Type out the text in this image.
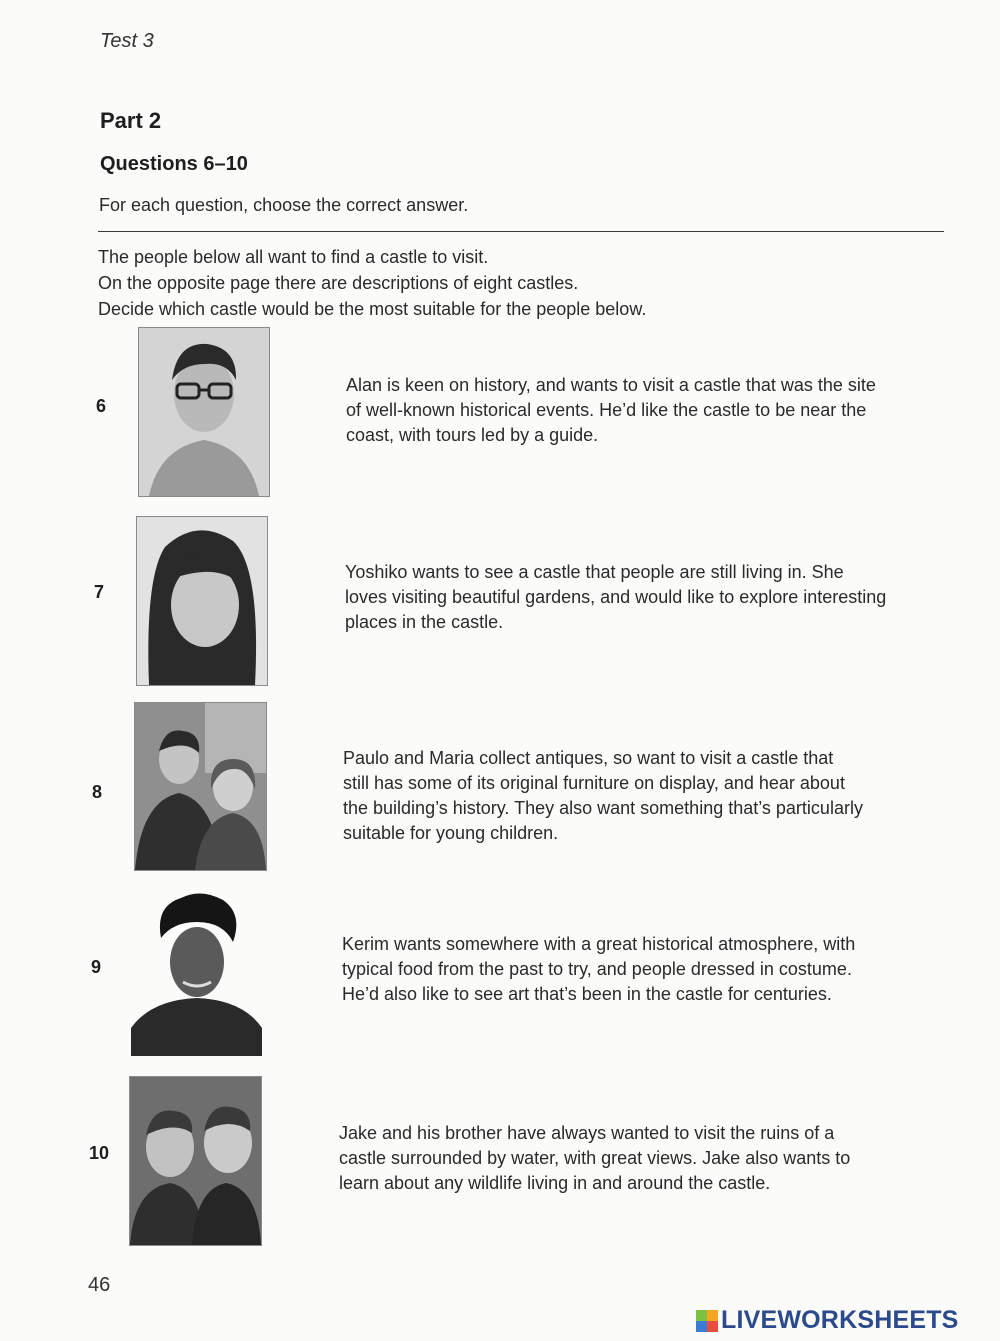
Test 3
Part 2
Questions 6–10
For each question, choose the correct answer.
The people below all want to find a castle to visit.
On the opposite page there are descriptions of eight castles.
Decide which castle would be the most suitable for the people below.
6
Alan is keen on history, and wants to visit a castle that was the site
of well-known historical events. He’d like the castle to be near the
coast, with tours led by a guide.
7
Yoshiko wants to see a castle that people are still living in. She
loves visiting beautiful gardens, and would like to explore interesting
places in the castle.
8
Paulo and Maria collect antiques, so want to visit a castle that
still has some of its original furniture on display, and hear about
the building’s history. They also want something that’s particularly
suitable for young children.
9
Kerim wants somewhere with a great historical atmosphere, with
typical food from the past to try, and people dressed in costume.
He’d also like to see art that’s been in the castle for centuries.
10
Jake and his brother have always wanted to visit the ruins of a
castle surrounded by water, with great views. Jake also wants to
learn about any wildlife living in and around the castle.
46
LIVEWORKSHEETS
